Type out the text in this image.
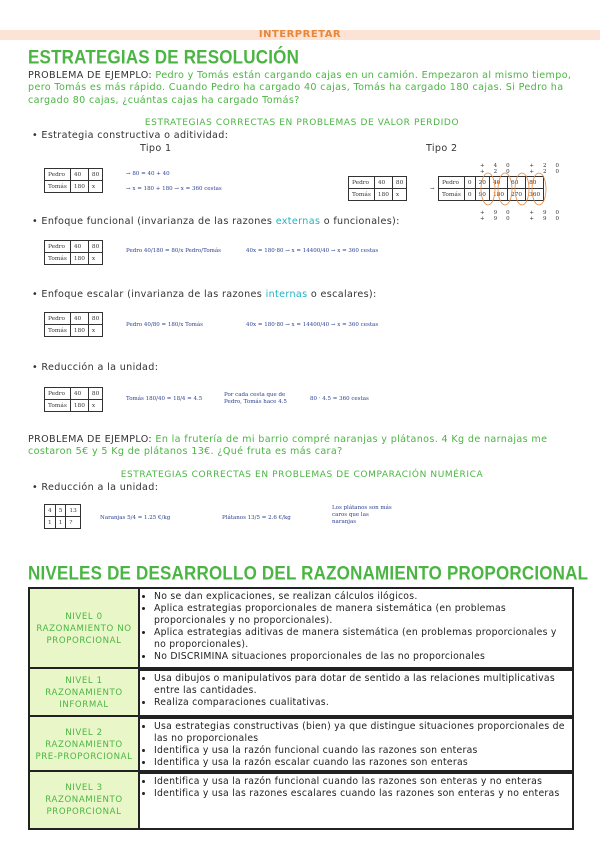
INTERPRETAR
ESTRATEGIAS DE RESOLUCIÓN
PROBLEMA DE EJEMPLO: Pedro y Tomás están cargando cajas en un camión. Empezaron al mismo tiempo, pero Tomás es más rápido. Cuando Pedro ha cargado 40 cajas, Tomás ha cargado 180 cajas. Si Pedro ha cargado 80 cajas, ¿cuántas cajas ha cargado Tomás?
ESTRATEGIAS CORRECTAS EN PROBLEMAS DE VALOR PERDIDO
• Estrategia constructiva o aditividad:
Tipo 1	Tipo 2
Pedro	40	80
Tomás	180	x
→ 80 = 40 + 40
→ x = 180 + 180 → x = 360 cestas
Pedro	40	80
Tomás	180	x
→
Pedro	0	20	40	60	80
Tomás	0	90	180	270	360
+40 +20 +20 +20
+90 +90 +90 +90
• Enfoque funcional (invarianza de las razones externas o funcionales):
Pedro	40	80
Tomás	180	x
Pedro 40/180 = 80/x Pedro/Tomás	40x = 180·80 → x = 14400/40 → x = 360 cestas
• Enfoque escalar (invarianza de las razones internas o escalares):
Pedro	40	80
Tomás	180	x
Pedro 40/80 = 180/x Tomás	40x = 180·80 → x = 14400/40 → x = 360 cestas
• Reducción a la unidad:
Pedro	40	80
Tomás	180	x
Tomás 180/40 = 18/4 = 4.5
Por cada cesta que de Pedro, Tomás hace 4.5	80 · 4.5 = 360 cestas
PROBLEMA DE EJEMPLO: En la frutería de mi barrio compré naranjas y plátanos. 4 Kg de narnajas me costaron 5€ y 5 Kg de plátanos 13€. ¿Qué fruta es más cara?
ESTRATEGIAS CORRECTAS EN PROBLEMAS DE COMPARACIÓN NUMÉRICA
• Reducción a la unidad:
4	5	13
1	1	?
Naranjas 5/4 = 1.25 €/kg	Plátanos 13/5 = 2.6 €/kg
Los plátanos son más caros que las naranjas
NIVELES DE DESARROLLO DEL RAZONAMIENTO PROPORCIONAL
NIVEL 0
RAZONAMIENTO NO
PROPORCIONAL
• No se dan explicaciones, se realizan cálculos ilógicos.
• Aplica estrategias proporcionales de manera sistemática (en problemas proporcionales y no proporcionales).
• Aplica estrategias aditivas de manera sistemática (en problemas proporcionales y no proporcionales).
• No DISCRIMINA situaciones proporcionales de las no proporcionales
NIVEL 1
RAZONAMIENTO
INFORMAL
• Usa dibujos o manipulativos para dotar de sentido a las relaciones multiplicativas entre las cantidades.
• Realiza comparaciones cualitativas.
NIVEL 2
RAZONAMIENTO
PRE-PROPORCIONAL
• Usa estrategias constructivas (bien) ya que distingue situaciones proporcionales de las no proporcionales
• Identifica y usa la razón funcional cuando las razones son enteras
• Identifica y usa la razón escalar cuando las razones son enteras
NIVEL 3
RAZONAMIENTO
PROPORCIONAL
• Identifica y usa la razón funcional cuando las razones son enteras y no enteras
• Identifica y usa las razones escalares cuando las razones son enteras y no enteras
